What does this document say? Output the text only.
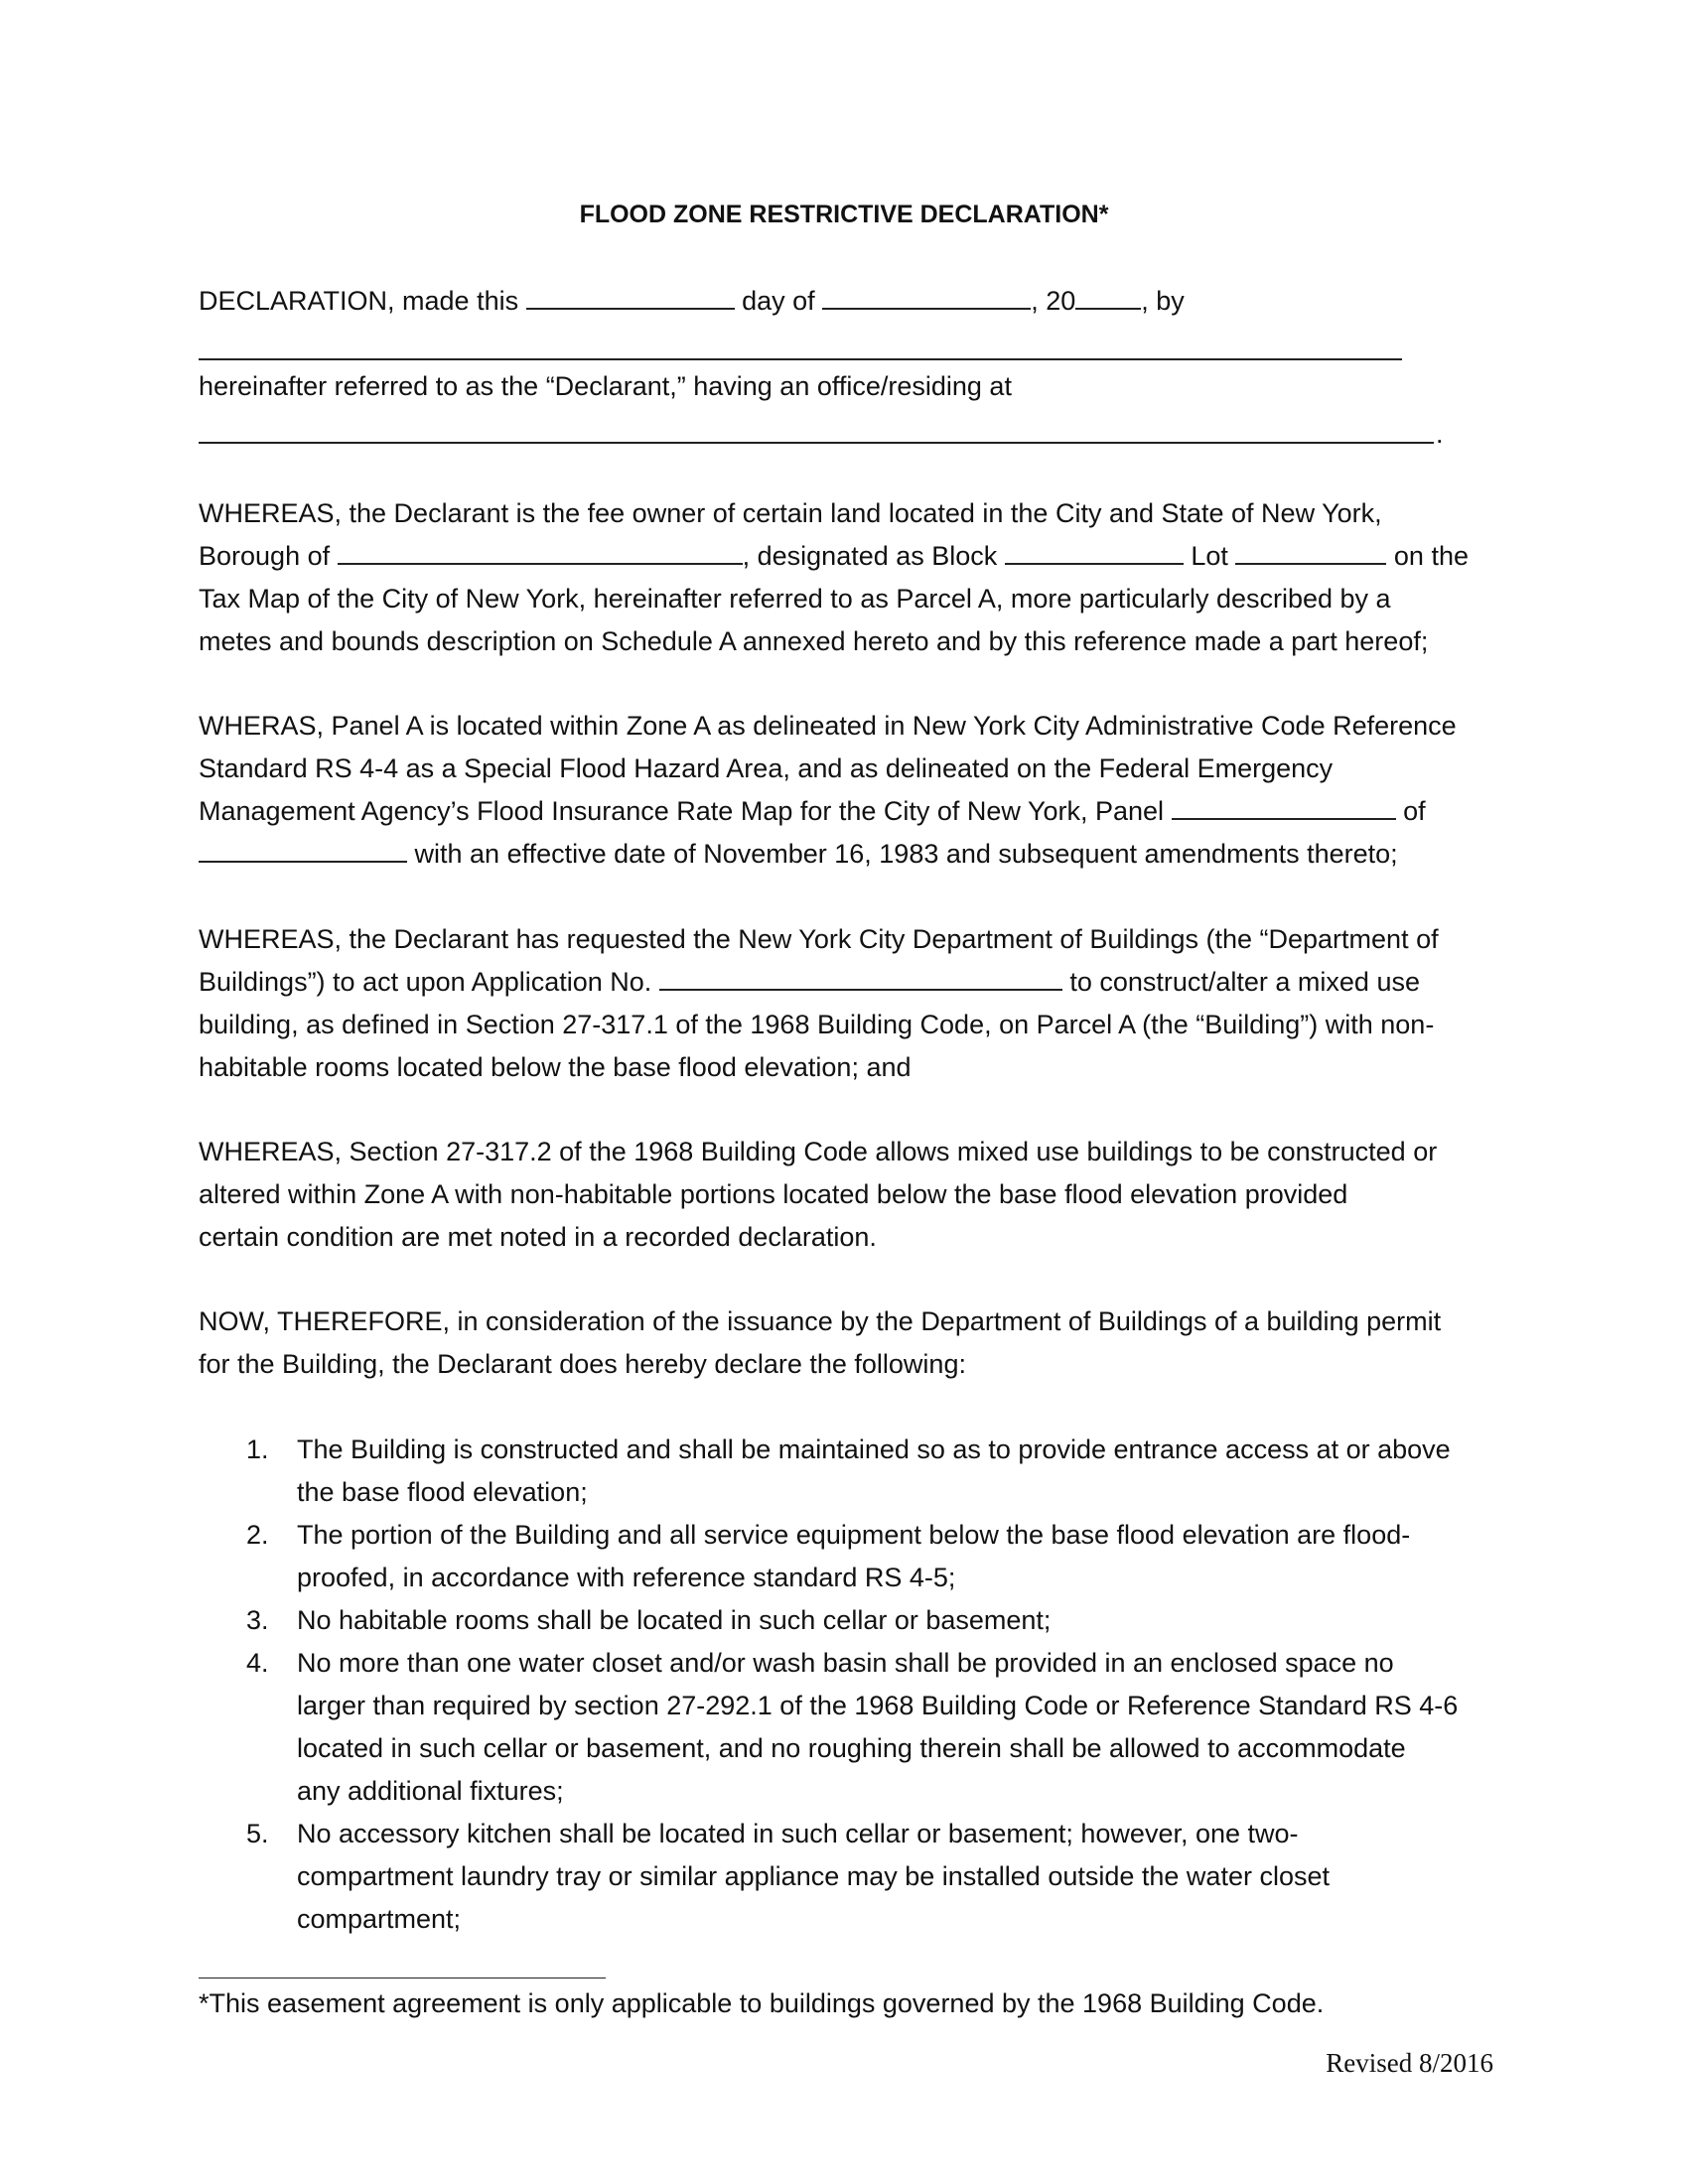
FLOOD ZONE RESTRICTIVE DECLARATION*
DECLARATION, made this	day of	, 20 , by
hereinafter referred to as the “Declarant,” having an office/residing at
.
WHEREAS, the Declarant is the fee owner of certain land located in the City and State of New York,
Borough of	, designated as Block	Lot	on the
Tax Map of the City of New York, hereinafter referred to as Parcel A, more particularly described by a
metes and bounds description on Schedule A annexed hereto and by this reference made a part hereof;
WHERAS, Panel A is located within Zone A as delineated in New York City Administrative Code Reference
Standard RS 4-4 as a Special Flood Hazard Area, and as delineated on the Federal Emergency
Management Agency’s Flood Insurance Rate Map for the City of New York, Panel	of
with an effective date of November 16, 1983 and subsequent amendments thereto;
WHEREAS, the Declarant has requested the New York City Department of Buildings (the “Department of
Buildings”) to act upon Application No.	to construct/alter a mixed use
building, as defined in Section 27-317.1 of the 1968 Building Code, on Parcel A (the “Building”) with non-
habitable rooms located below the base flood elevation; and
WHEREAS, Section 27-317.2 of the 1968 Building Code allows mixed use buildings to be constructed or
altered within Zone A with non-habitable portions located below the base flood elevation provided
certain condition are met noted in a recorded declaration.
NOW, THEREFORE, in consideration of the issuance by the Department of Buildings of a building permit
for the Building, the Declarant does hereby declare the following:
1. The Building is constructed and shall be maintained so as to provide entrance access at or above
the base flood elevation;
2. The portion of the Building and all service equipment below the base flood elevation are flood-
proofed, in accordance with reference standard RS 4-5;
3. No habitable rooms shall be located in such cellar or basement;
4. No more than one water closet and/or wash basin shall be provided in an enclosed space no
larger than required by section 27-292.1 of the 1968 Building Code or Reference Standard RS 4-6
located in such cellar or basement, and no roughing therein shall be allowed to accommodate
any additional fixtures;
5. No accessory kitchen shall be located in such cellar or basement; however, one two-
compartment laundry tray or similar appliance may be installed outside the water closet
compartment;
*This easement agreement is only applicable to buildings governed by the 1968 Building Code.
Revised 8/2016
